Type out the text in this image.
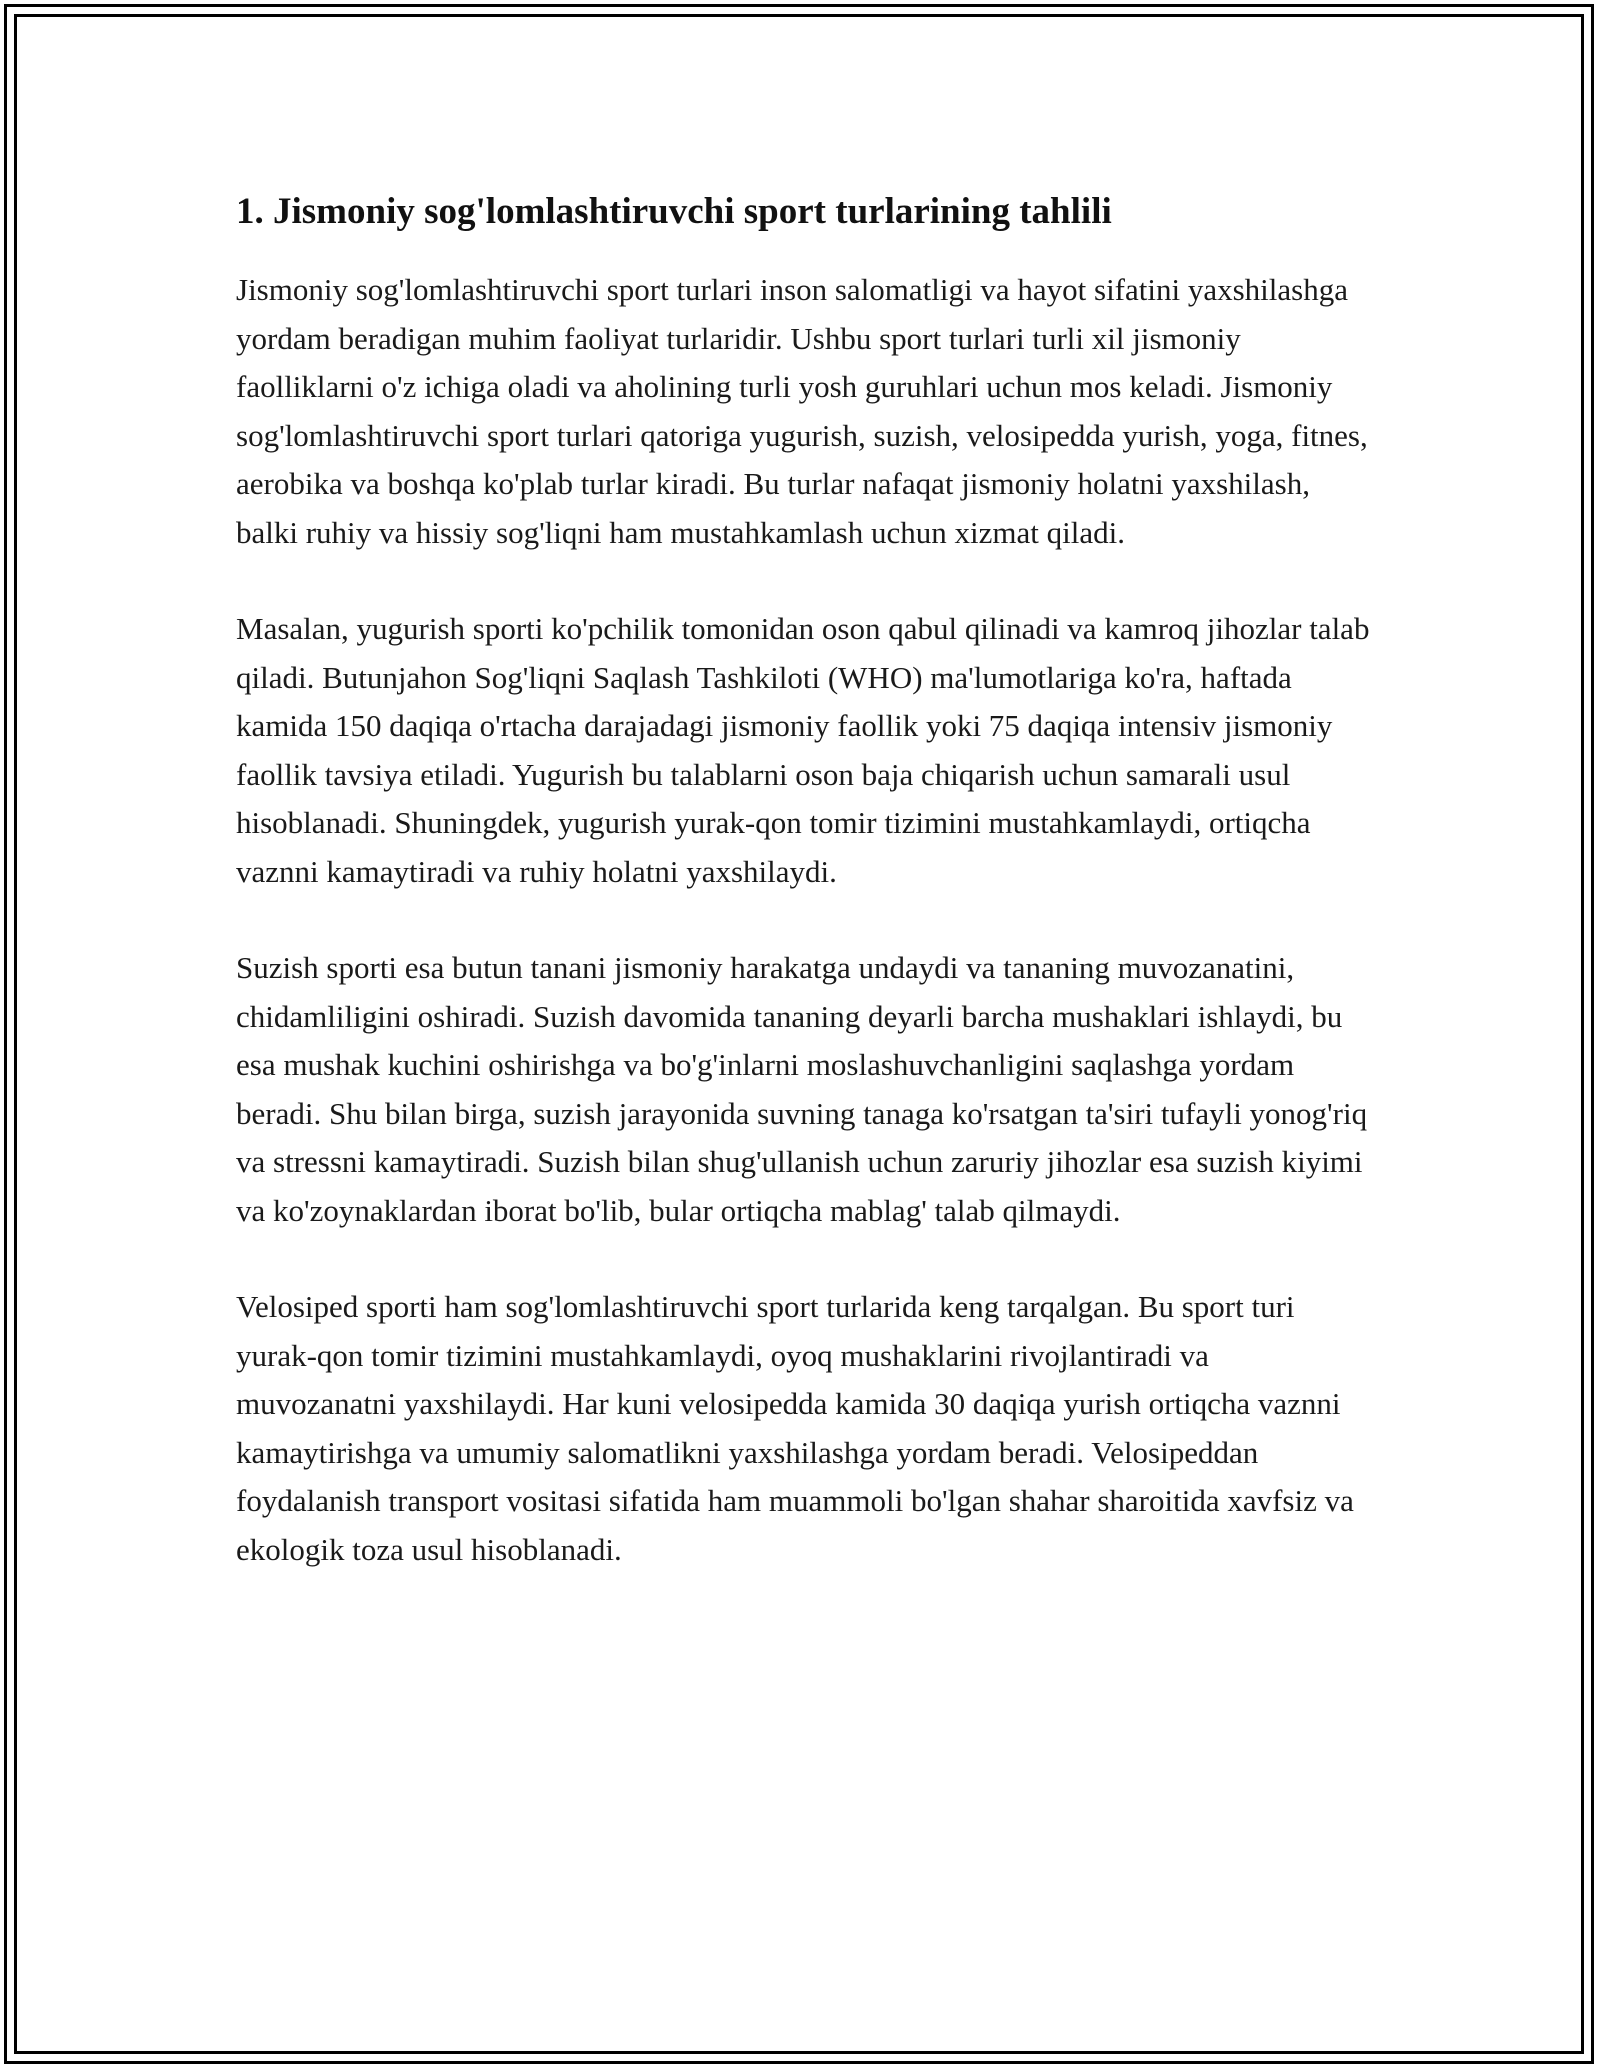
1. Jismoniy sog'lomlashtiruvchi sport turlarining tahlili

Jismoniy sog'lomlashtiruvchi sport turlari inson salomatligi va hayot sifatini yaxshilashga yordam beradigan muhim faoliyat turlaridir. Ushbu sport turlari turli xil jismoniy faolliklarni o'z ichiga oladi va aholining turli yosh guruhlari uchun mos keladi. Jismoniy sog'lomlashtiruvchi sport turlari qatoriga yugurish, suzish, velosipedda yurish, yoga, fitnes, aerobika va boshqa ko'plab turlar kiradi. Bu turlar nafaqat jismoniy holatni yaxshilash, balki ruhiy va hissiy sog'liqni ham mustahkamlash uchun xizmat qiladi.

Masalan, yugurish sporti ko'pchilik tomonidan oson qabul qilinadi va kamroq jihozlar talab qiladi. Butunjahon Sog'liqni Saqlash Tashkiloti (WHO) ma'lumotlariga ko'ra, haftada kamida 150 daqiqa o'rtacha darajadagi jismoniy faollik yoki 75 daqiqa intensiv jismoniy faollik tavsiya etiladi. Yugurish bu talablarni oson baja chiqarish uchun samarali usul hisoblanadi. Shuningdek, yugurish yurak-qon tomir tizimini mustahkamlaydi, ortiqcha vaznni kamaytiradi va ruhiy holatni yaxshilaydi.

Suzish sporti esa butun tanani jismoniy harakatga undaydi va tananing muvozanatini, chidamliligini oshiradi. Suzish davomida tananing deyarli barcha mushaklari ishlaydi, bu esa mushak kuchini oshirishga va bo'g'inlarni moslashuvchanligini saqlashga yordam beradi. Shu bilan birga, suzish jarayonida suvning tanaga ko'rsatgan ta'siri tufayli yonog'riq va stressni kamaytiradi. Suzish bilan shug'ullanish uchun zaruriy jihozlar esa suzish kiyimi va ko'zoynaklardan iborat bo'lib, bular ortiqcha mablag' talab qilmaydi.

Velosiped sporti ham sog'lomlashtiruvchi sport turlarida keng tarqalgan. Bu sport turi yurak-qon tomir tizimini mustahkamlaydi, oyoq mushaklarini rivojlantiradi va muvozanatni yaxshilaydi. Har kuni velosipedda kamida 30 daqiqa yurish ortiqcha vaznni kamaytirishga va umumiy salomatlikni yaxshilashga yordam beradi. Velosipeddan foydalanish transport vositasi sifatida ham muammoli bo'lgan shahar sharoitida xavfsiz va ekologik toza usul hisoblanadi.
